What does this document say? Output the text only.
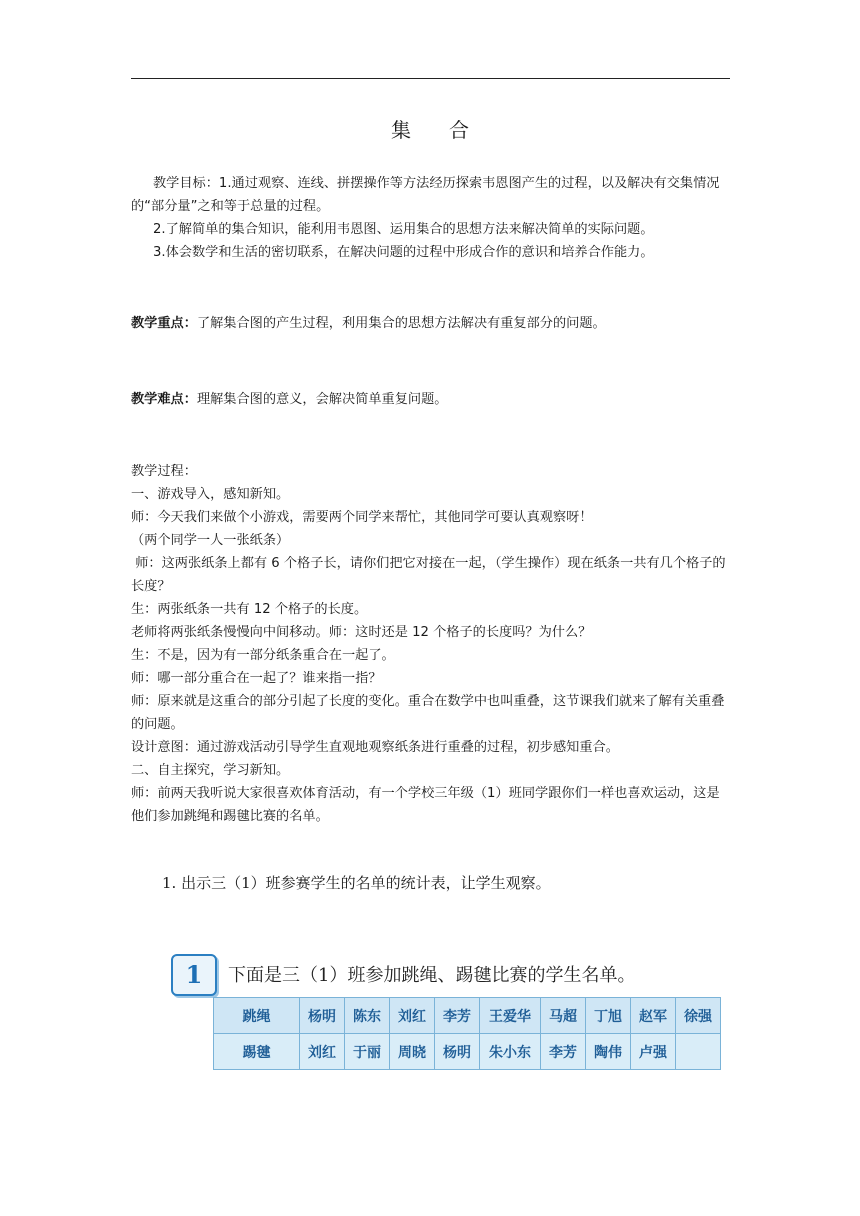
集 合

教学目标：1.通过观察、连线、拼摆操作等方法经历探索韦恩图产生的过程，以及解决有交集情况的“部分量”之和等于总量的过程。

2.了解简单的集合知识，能利用韦恩图、运用集合的思想方法来解决简单的实际问题。

3.体会数学和生活的密切联系，在解决问题的过程中形成合作的意识和培养合作能力。

教学重点：了解集合图的产生过程，利用集合的思想方法解决有重复部分的问题。

教学难点：理解集合图的意义，会解决简单重复问题。

教学过程：

一、游戏导入，感知新知。

师：今天我们来做个小游戏，需要两个同学来帮忙，其他同学可要认真观察呀！

（两个同学一人一张纸条）

师：这两张纸条上都有 6 个格子长，请你们把它对接在一起，（学生操作）现在纸条一共有几个格子的长度？

生：两张纸条一共有 12 个格子的长度。

老师将两张纸条慢慢向中间移动。师：这时还是 12 个格子的长度吗？为什么？

生：不是，因为有一部分纸条重合在一起了。

师：哪一部分重合在一起了？谁来指一指？

师：原来就是这重合的部分引起了长度的变化。重合在数学中也叫重叠，这节课我们就来了解有关重叠的问题。

设计意图：通过游戏活动引导学生直观地观察纸条进行重叠的过程，初步感知重合。

二、自主探究，学习新知。

师：前两天我听说大家很喜欢体育活动，有一个学校三年级（1）班同学跟你们一样也喜欢运动，这是他们参加跳绳和踢毽比赛的名单。

1. 出示三（1）班参赛学生的名单的统计表，让学生观察。
1	下面是三（1）班参加跳绳、踢毽比赛的学生名单。
跳绳	杨明	陈东	刘红	李芳	王爱华	马超	丁旭	赵军	徐强
踢毽	刘红	于丽	周晓	杨明	朱小东	李芳	陶伟	卢强	
